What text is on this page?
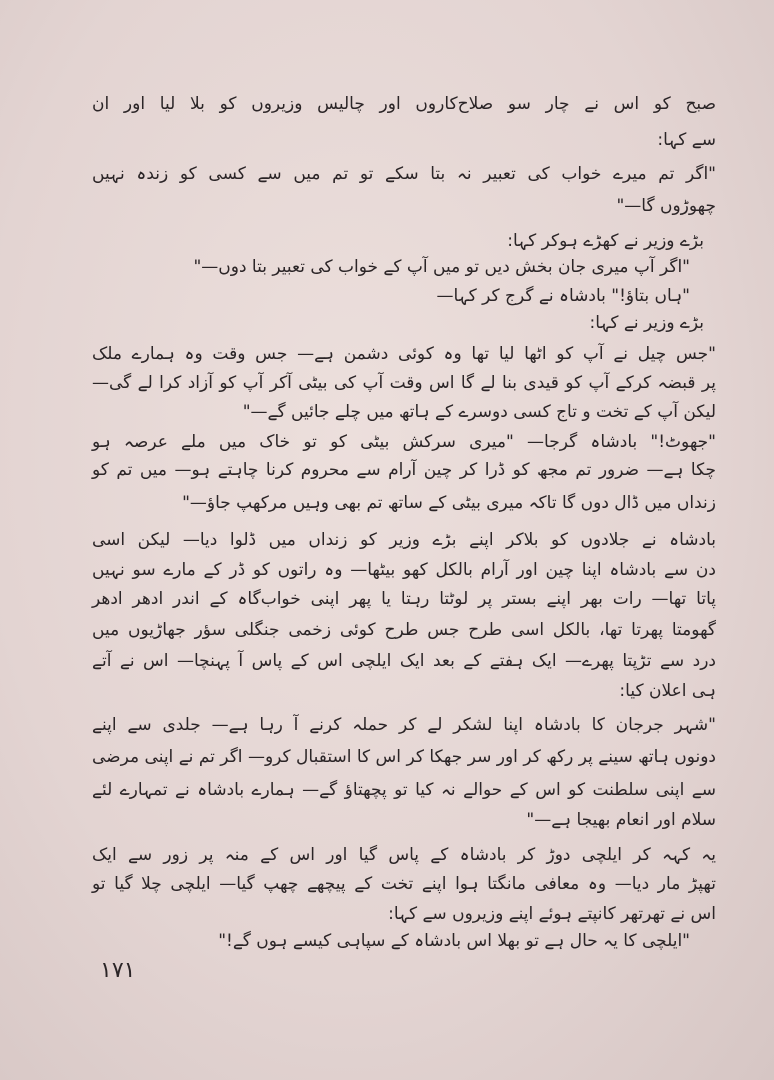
صبح کو اس نے چار سو صلاح‌کاروں اور چالیس وزیروں کو بلا لیا اور ان
سے کہا:
"اگر تم میرے خواب کی تعبیر نہ بتا سکے تو تم میں سے کسی کو زندہ نہیں
چھوڑوں گا—"
بڑے وزیر نے کھڑے ہوکر کہا:
"اگر آپ میری جان بخش دیں تو میں آپ کے خواب کی تعبیر بتا دوں—"
"ہاں بتاؤ!" بادشاہ نے گرج کر کہا—
بڑے وزیر نے کہا:
"جس چیل نے آپ کو اٹھا لیا تھا وہ کوئی دشمن ہے— جس وقت وہ ہمارے ملک
پر قبضہ کرکے آپ کو قیدی بنا لے گا اس وقت آپ کی بیٹی آکر آپ کو آزاد کرا لے گی—
لیکن آپ کے تخت و تاج کسی دوسرے کے ہاتھ میں چلے جائیں گے—"
"جھوٹ!" بادشاہ گرجا— "میری سرکش بیٹی کو تو خاک میں ملے عرصہ ہو
چکا ہے— ضرور تم مجھ کو ڈرا کر چین آرام سے محروم کرنا چاہتے ہو— میں تم کو
زنداں میں ڈال دوں گا تاکہ میری بیٹی کے ساتھ تم بھی وہیں مرکھپ جاؤ—"
بادشاہ نے جلادوں کو بلاکر اپنے بڑے وزیر کو زنداں میں ڈلوا دیا— لیکن اسی
دن سے بادشاہ اپنا چین اور آرام بالکل کھو بیٹھا— وہ راتوں کو ڈر کے مارے سو نہیں
پاتا تھا— رات بھر اپنے بستر پر لوٹتا رہتا یا پھر اپنی خواب‌گاہ کے اندر ادھر ادھر
گھومتا پھرتا تھا، بالکل اسی طرح جس طرح کوئی زخمی جنگلی سؤر جھاڑیوں میں
درد سے تڑپتا پھرے— ایک ہفتے کے بعد ایک ایلچی اس کے پاس آ پہنچا— اس نے آتے
ہی اعلان کیا:
"شہر جرجان کا بادشاہ اپنا لشکر لے کر حملہ کرنے آ رہا ہے— جلدی سے اپنے
دونوں ہاتھ سینے پر رکھ کر اور سر جھکا کر اس کا استقبال کرو— اگر تم نے اپنی مرضی
سے اپنی سلطنت کو اس کے حوالے نہ کیا تو پچھتاؤ گے— ہمارے بادشاہ نے تمہارے لئے
سلام اور انعام بھیجا ہے—"
یہ کہہ کر ایلچی دوڑ کر بادشاہ کے پاس گیا اور اس کے منہ پر زور سے ایک
تھپڑ مار دیا— وہ معافی مانگتا ہوا اپنے تخت کے پیچھے چھپ گیا— ایلچی چلا گیا تو
اس نے تھرتھر کانپتے ہوئے اپنے وزیروں سے کہا:
"ایلچی کا یہ حال ہے تو بھلا اس بادشاہ کے سپاہی کیسے ہوں گے!"
۱۷۱
